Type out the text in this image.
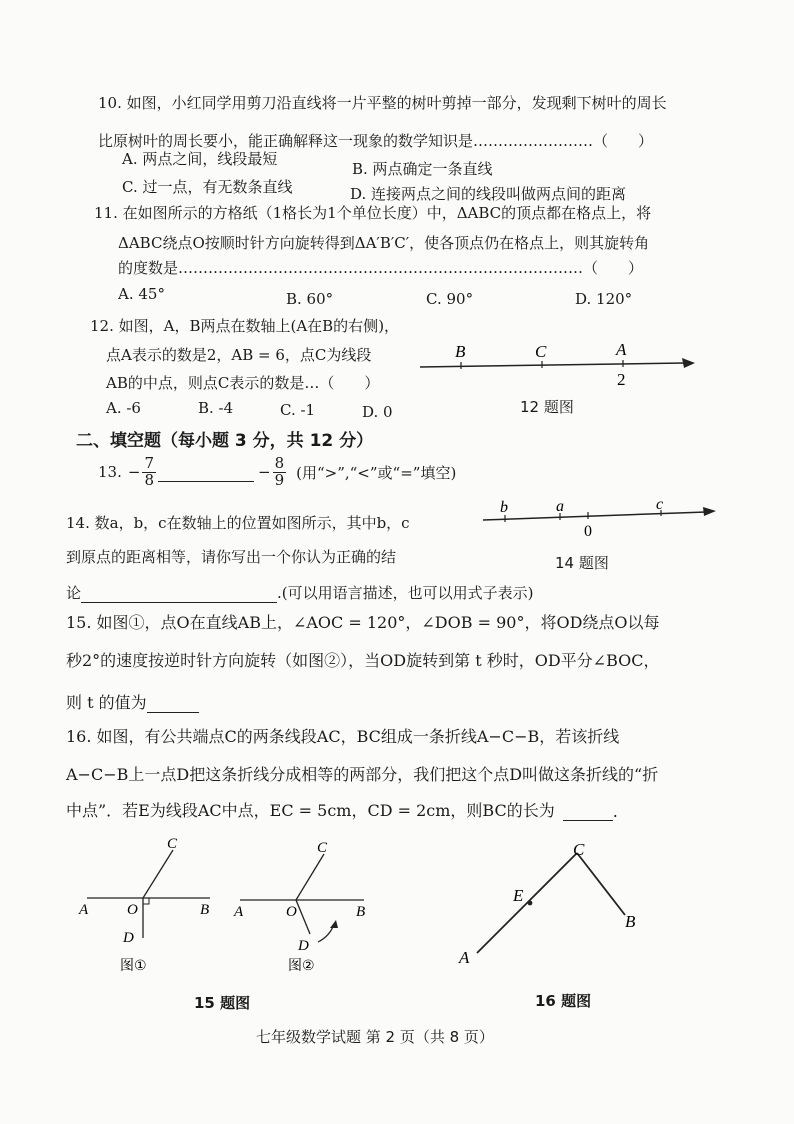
10. 如图，小红同学用剪刀沿直线将一片平整的树叶剪掉一部分，发现剩下树叶的周长
比原树叶的周长要小，能正确解释这一现象的数学知识是……………………（　　）
A. 两点之间，线段最短
B. 两点确定一条直线
C. 过一点，有无数条直线	D. 连接两点之间的线段叫做两点间的距离
11. 在如图所示的方格纸（1格长为1个单位长度）中，ΔABC的顶点都在格点上，将
ΔABC绕点O按顺时针方向旋转得到ΔA′B′C′，使各顶点仍在格点上，则其旋转角
的度数是………………………………………………………………………（　　）
A. 45°	B. 60°	C. 90°	D. 120°
12. 如图，A，B两点在数轴上(A在B的右侧)，
点A表示的数是2，AB = 6，点C为线段
AB的中点，则点C表示的数是…（　　）
A. -6	B. -4	C. -1	D. 0
B	C	A
2
12 题图
二、填空题（每小题 3 分，共 12 分）
13. − $\frac{7}{8}$	− $\frac{8}{9}$ (用“>”,“<”或“=”填空)
14. 数a，b，c在数轴上的位置如图所示，其中b，c
到原点的距离相等，请你写出一个你认为正确的结
论	.(可以用语言描述，也可以用式子表示)
b	a
0
c
14 题图
15. 如图①，点O在直线AB上，∠AOC = 120°，∠DOB = 90°，将OD绕点O以每
秒2°的速度按逆时针方向旋转（如图②），当OD旋转到第 t 秒时，OD平分∠BOC，
则 t 的值为
16. 如图，有公共端点C的两条线段AC，BC组成一条折线A−C−B，若该折线
A−C−B上一点D把这条折线分成相等的两部分，我们把这个点D叫做这条折线的“折
中点”．若E为线段AC中点，EC = 5cm，CD = 2cm，则BC的长为	.
A	O	B
C
D
图①
A	O	B
C
D
图②
15 题图
A
C
B
E
16 题图
七年级数学试题 第 2 页（共 8 页）
